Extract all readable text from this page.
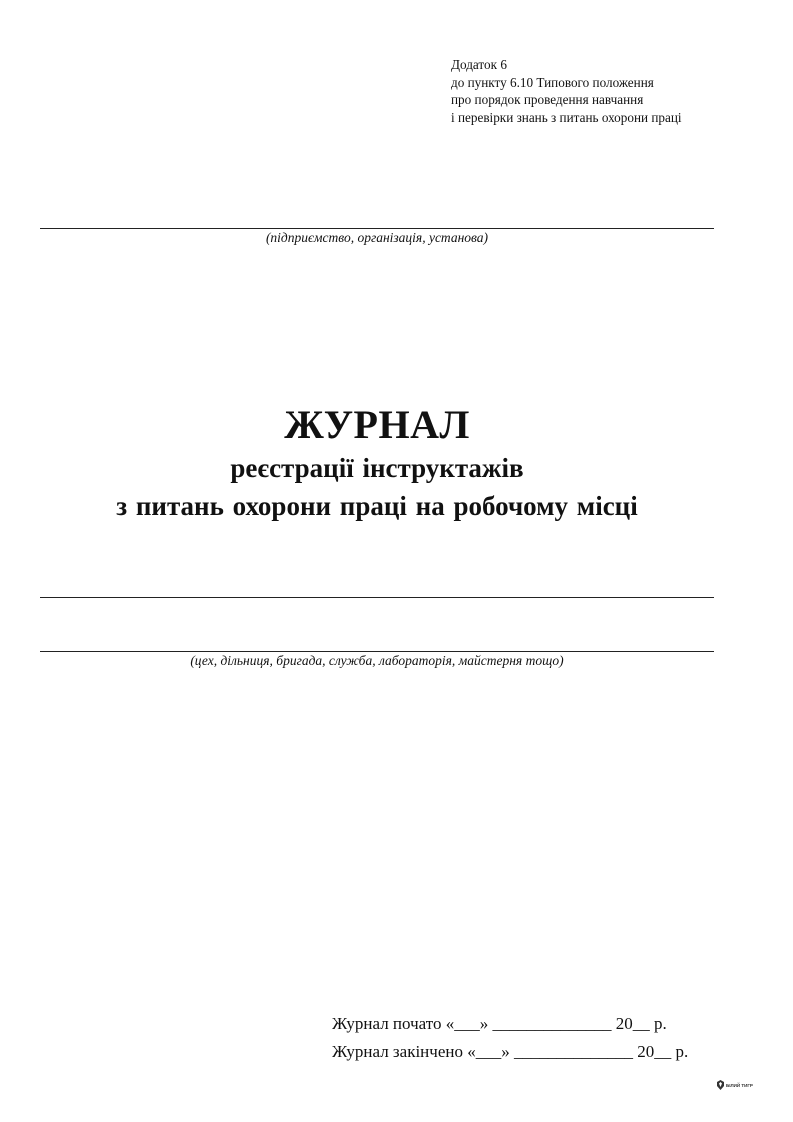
Додаток 6
до пункту 6.10 Типового положення
про порядок проведення навчання
і перевірки знань з питань охорони праці
(підприємство, організація, установа)
ЖУРНАЛ
реєстрації інструктажів
з питань охорони праці на робочому місці
(цех, дільниця, бригада, служба, лабораторія, майстерня тощо)
Журнал почато «___» ______________ 20__ р.
Журнал закінчено «___» ______________ 20__ р.
БІЛИЙ ТИГР
